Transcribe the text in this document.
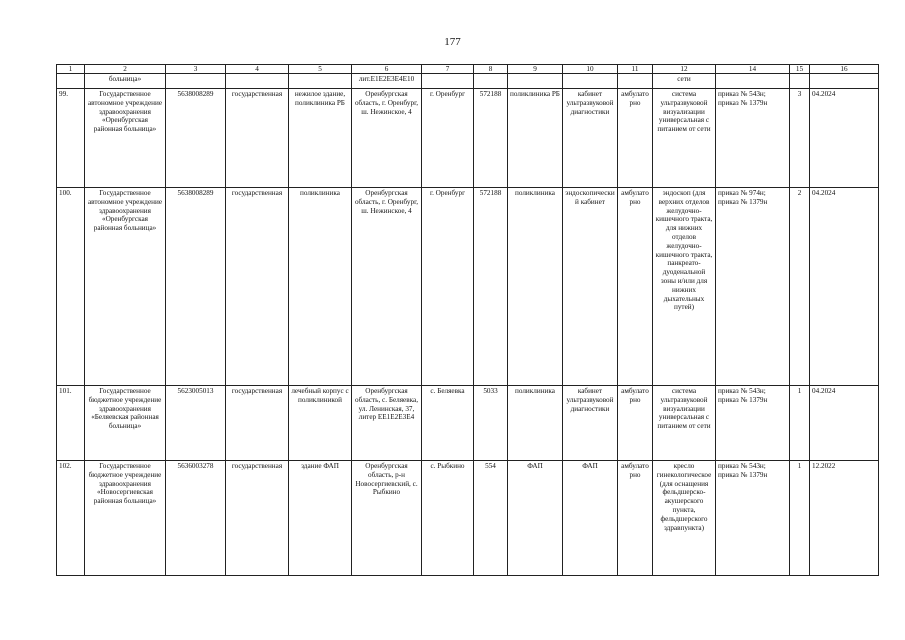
177
1	2	3	4	5	6	7	8	9	10	11	12	14	15	16
	больница»				лит.Е1Е2Е3Е4Е10						сети			
99.	Государственное автономное учреждение здравоохранения «Оренбургская районная больница»	5638008289	государственная	нежилое здание, поликлиника РБ	Оренбургская область, г. Оренбург, ш. Нежинское, 4	г. Оренбург	572188	поликлиника РБ	кабинет ультразвуковой диагностики	амбулаторно	система ультразвуковой визуализации универсальная с питанием от сети	приказ № 543н; приказ № 1379н	3	04.2024
100.	Государственное автономное учреждение здравоохранения «Оренбургская районная больница»	5638008289	государственная	поликлиника	Оренбургская область, г. Оренбург, ш. Нежинское, 4	г. Оренбург	572188	поликлиника	эндоскопический кабинет	амбулаторно	эндоскоп (для верхних отделов желудочно-кишечного тракта, для нижних отделов желудочно-кишечного тракта, панкреато-дуоденальной зоны и/или для нижних дыхательных путей)	приказ № 974н; приказ № 1379н	2	04.2024
101.	Государственное бюджетное учреждение здравоохранения «Беляевская районная больница»	5623005013	государственная	лечебный корпус с поликлиникой	Оренбургская область, с. Беляевка, ул. Ленинская, 37, литер ЕЕ1Е2Е3Е4	с. Беляевка	5033	поликлиника	кабинет ультразвуковой диагностики	амбулаторно	система ультразвуковой визуализации универсальная с питанием от сети	приказ № 543н; приказ № 1379н	1	04.2024
102.	Государственное бюджетное учреждение здравоохранения «Новосергиевская районная больница»	5636003278	государственная	здание ФАП	Оренбургская область, р-н Новосергиевский, с. Рыбкино	с. Рыбкино	554	ФАП	ФАП	амбулаторно	кресло гинекологическое (для оснащения фельдшерско-акушерского пункта, фельдшерского здравпункта)	приказ № 543н; приказ № 1379н	1	12.2022
